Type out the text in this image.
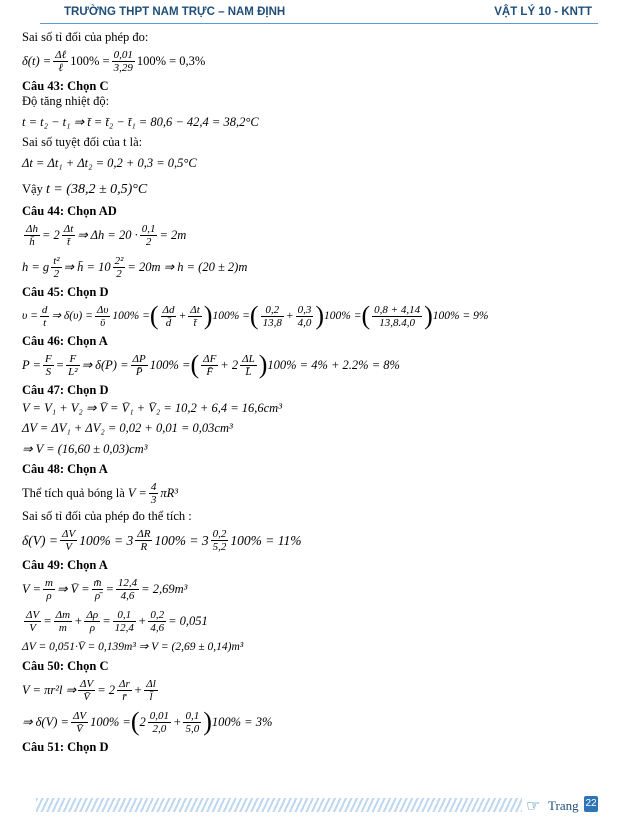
TRƯỜNG THPT NAM TRỰC – NAM ĐỊNH	VẬT LÝ 10 - KNTT
Sai số tỉ đối của phép đo:
δ(t) = Δℓ
ℓ $100\% = \frac{0,01}{3,29} 100\% = 0,3\%$
Câu 43: Chọn C
Độ tăng nhiệt độ:
t = t₂ − t₁ ⇒ t̄ = t̄₂ − t̄₁ = 80,6 − 42,4 = 38,2°C
Sai số tuyệt đối của t là:
Δt = Δt₁ + Δt₂ = 0,2 + 0,3 = 0,5°C
Vậy
t = (38,2 ± 0,5)°C
Câu 44: Chọn AD
$\frac{\Delta h}{h̄} = 2$ Δt
t̄ ⇒ $\Delta h = 20 \cdot \frac{0,1}{2} = 2m$
h = g t²
2 ⇒ h̄ = $10 \frac{\text{2²}}{2} = 20m$ ⇒ h = (20 ± 2)m
Câu 45: Chọn D
$\upsilon = \frac{d}{t}$ ⇒ $\delta(\upsilon) = \frac{\Delta\upsilon}{\text{ῡ}} 100\%$ = ( Δd
d̄
+ $\frac{\Delta t}{t̄}$ ) 100% = ( 0,2
13,8
+ 0,3
4,0 ) 100% = ( 0,8 + 4,14
13,8.4,0 ) 100% = 9%
Câu 46: Chọn A
$P = \frac{F}{S} = \frac{F}{\text{L²}}$ ⇒ $\delta(P) = \frac{\Delta P}{P̄} 100\%$ = ( ΔF
F̄ + 2 ΔL
L̄ ) 100% = 4% + 2.2% = 8%
Câu 47: Chọn D
V = V₁ + V₂ ⇒ V̄ = V̄₁ + V̄₂ = 10,2 + 6,4 = 16,6cm³
ΔV = ΔV₁ + ΔV₂ = 0,02 + 0,01 = 0,03cm³
⇒ V = (16,60 ± 0,03)cm³
Câu 48: Chọn A
Thể tích quả bóng là
$V = \frac{4}{3} \pi R^3$
Sai số tỉ đối của phép đo thể tích :
$\delta(V) = \frac{\Delta V}{V} 100\% = 3$ ΔR
R 100% = 3 0,2
5,2 100% = 11%
Câu 49: Chọn A
$V = \frac{m}{\rho}$ ⇒ V̄ = $\frac{m̄}{\rhō} = \frac{12,4}{4,6} = 2,69m^3$
$\frac{\Delta V}{V} = \frac{\Delta m}{m} + \frac{\Delta\rho}{\rho} = \frac{0,1}{12,4} + \frac{0,2}{4,6} = 0,051$
ΔV = 0,051·V̄ = 0,139m³ ⇒ V = (2,69 ± 0,14)m³
Câu 50: Chọn C
V = πr²l ⇒ $\frac{\Delta V}{V̄} = 2$ Δr
r̄ + $\frac{\Delta l}{l̄}$
⇒ $\delta(V) = \frac{\Delta V}{V̄} 100\%$ = ( 2 0,01
$2,0 + \frac{0,1}{5,0}$ ) 100% = 3%
Câu 51: Chọn D
☞ Trang 22
